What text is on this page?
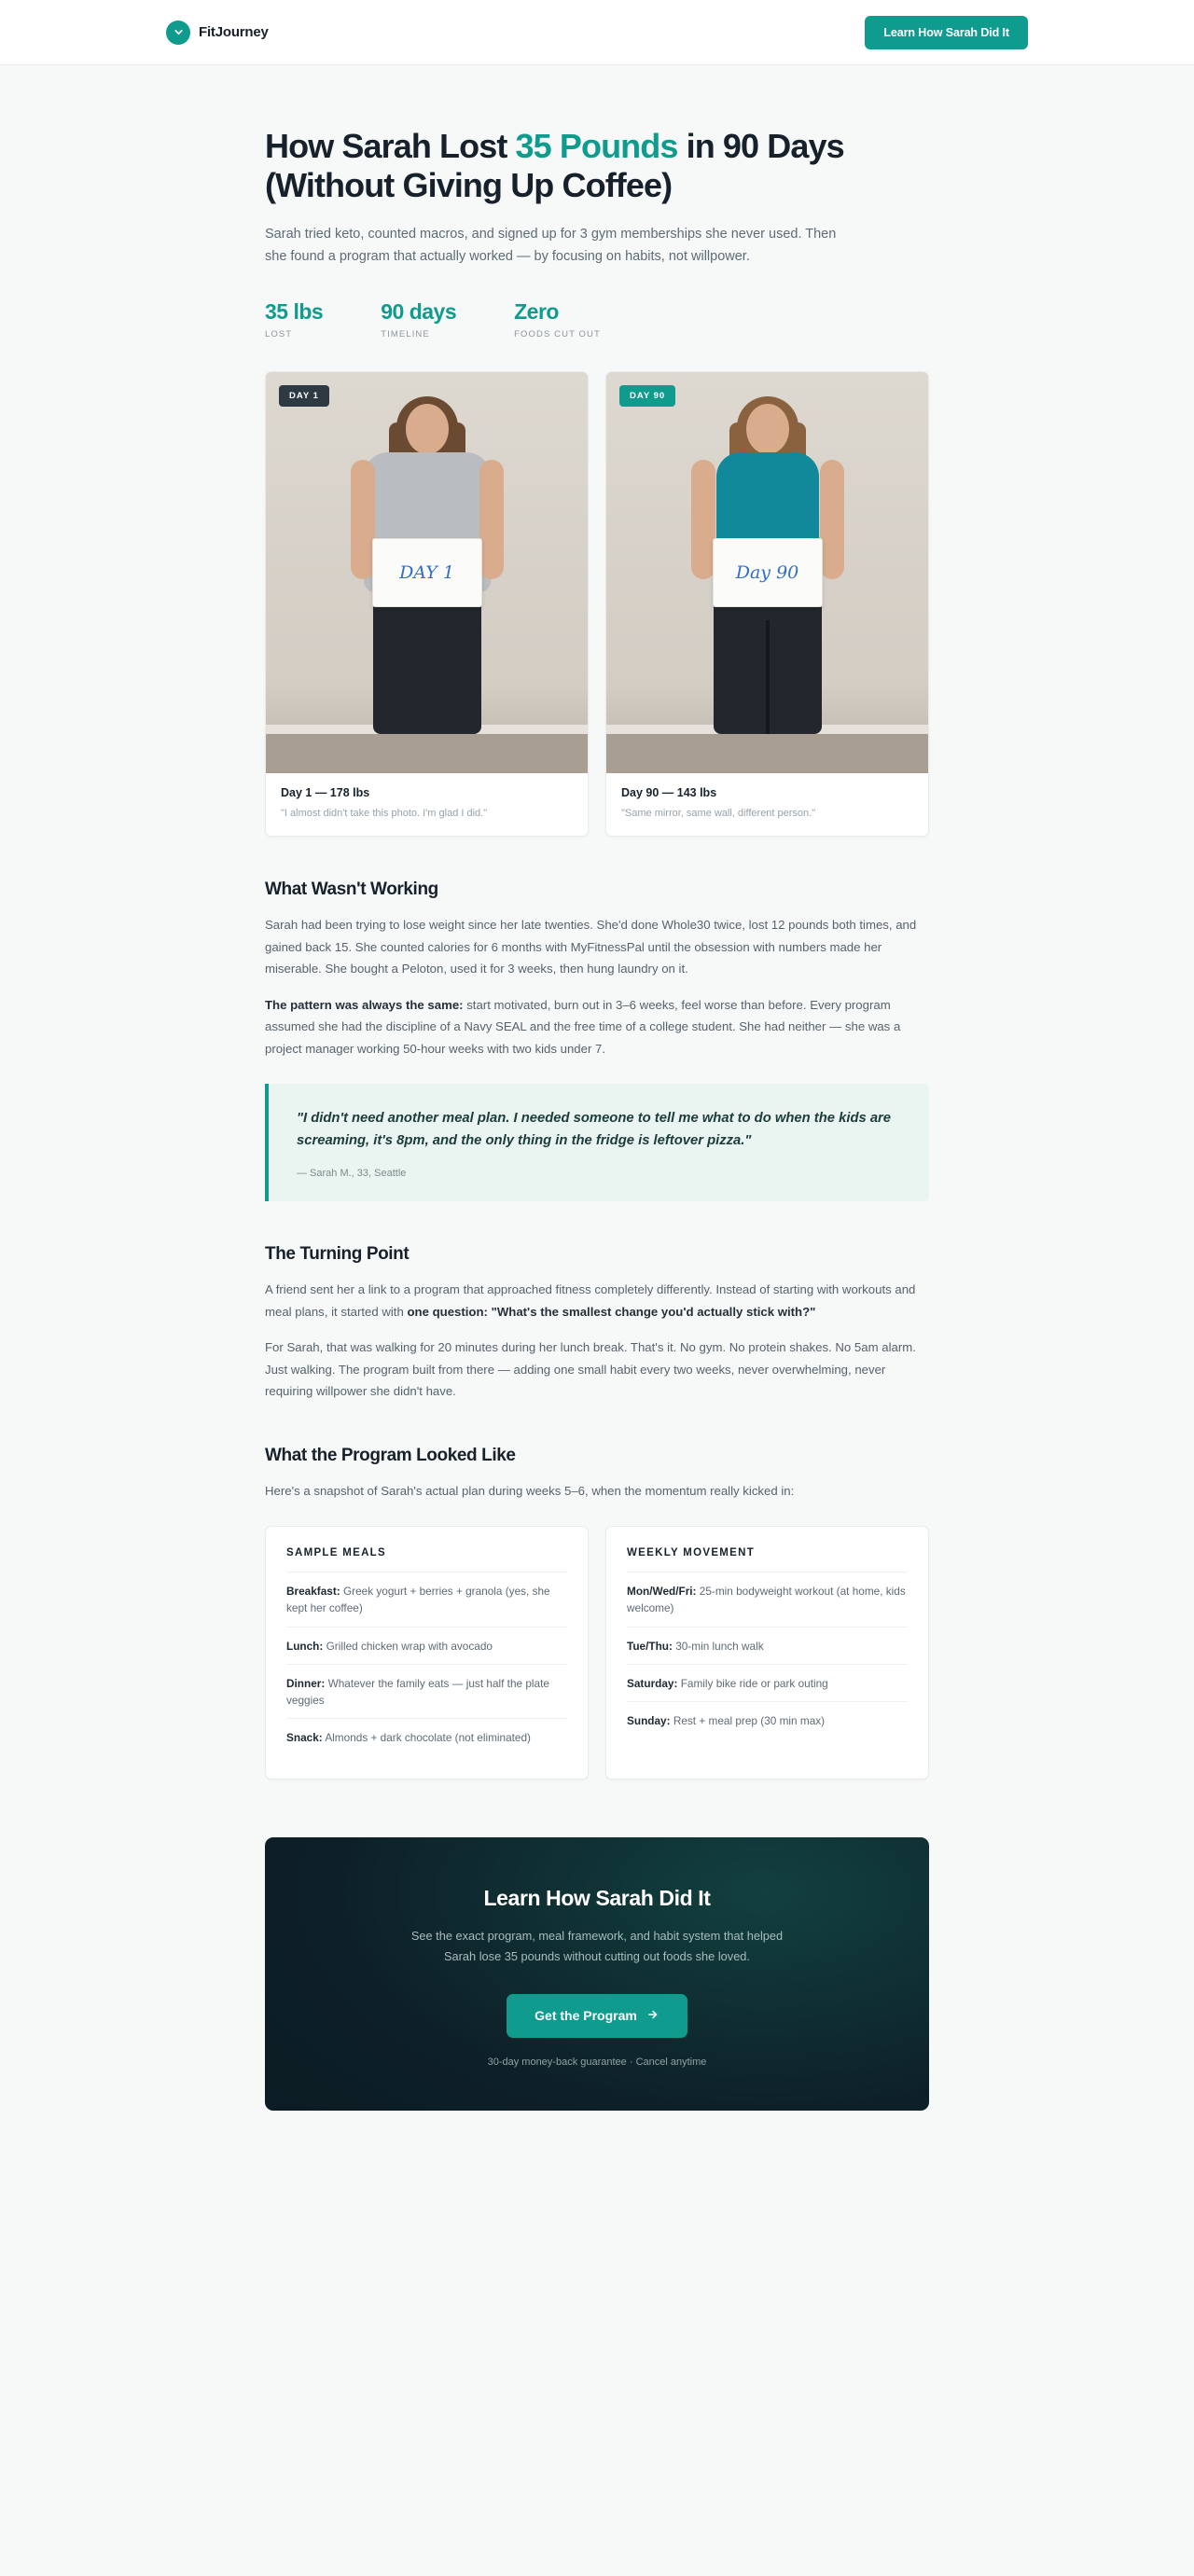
FitJourney	Learn How Sarah Did It
How Sarah Lost 35 Pounds in 90 Days (Without Giving Up Coffee)

Sarah tried keto, counted macros, and signed up for 3 gym memberships she never used. Then she found a program that actually worked — by focusing on habits, not willpower.

35 lbs
LOST
90 days
TIMELINE
Zero
FOODS CUT OUT
DAY 1
DAY 1
Day 1 — 178 lbs
"I almost didn't take this photo. I'm glad I did."
DAY 90
Day 90
Day 90 — 143 lbs
"Same mirror, same wall, different person."
What Wasn't Working

Sarah had been trying to lose weight since her late twenties. She'd done Whole30 twice, lost 12 pounds both times, and gained back 15. She counted calories for 6 months with MyFitnessPal until the obsession with numbers made her miserable. She bought a Peloton, used it for 3 weeks, then hung laundry on it.

The pattern was always the same: start motivated, burn out in 3–6 weeks, feel worse than before. Every program assumed she had the discipline of a Navy SEAL and the free time of a college student. She had neither — she was a project manager working 50-hour weeks with two kids under 7.

"I didn't need another meal plan. I needed someone to tell me what to do when the kids are screaming, it's 8pm, and the only thing in the fridge is leftover pizza."
— Sarah M., 33, Seattle
The Turning Point

A friend sent her a link to a program that approached fitness completely differently. Instead of starting with workouts and meal plans, it started with one question: "What's the smallest change you'd actually stick with?"

For Sarah, that was walking for 20 minutes during her lunch break. That's it. No gym. No protein shakes. No 5am alarm. Just walking. The program built from there — adding one small habit every two weeks, never overwhelming, never requiring willpower she didn't have.

What the Program Looked Like

Here's a snapshot of Sarah's actual plan during weeks 5–6, when the momentum really kicked in:

SAMPLE MEALS
Breakfast: Greek yogurt + berries + granola (yes, she kept her coffee)
Lunch: Grilled chicken wrap with avocado
Dinner: Whatever the family eats — just half the plate veggies
Snack: Almonds + dark chocolate (not eliminated)
WEEKLY MOVEMENT
Mon/Wed/Fri: 25-min bodyweight workout (at home, kids welcome)
Tue/Thu: 30-min lunch walk
Saturday: Family bike ride or park outing
Sunday: Rest + meal prep (30 min max)
Learn How Sarah Did It
See the exact program, meal framework, and habit system that helped Sarah lose 35 pounds without cutting out foods she loved.
Get the Program
30-day money-back guarantee · Cancel anytime
